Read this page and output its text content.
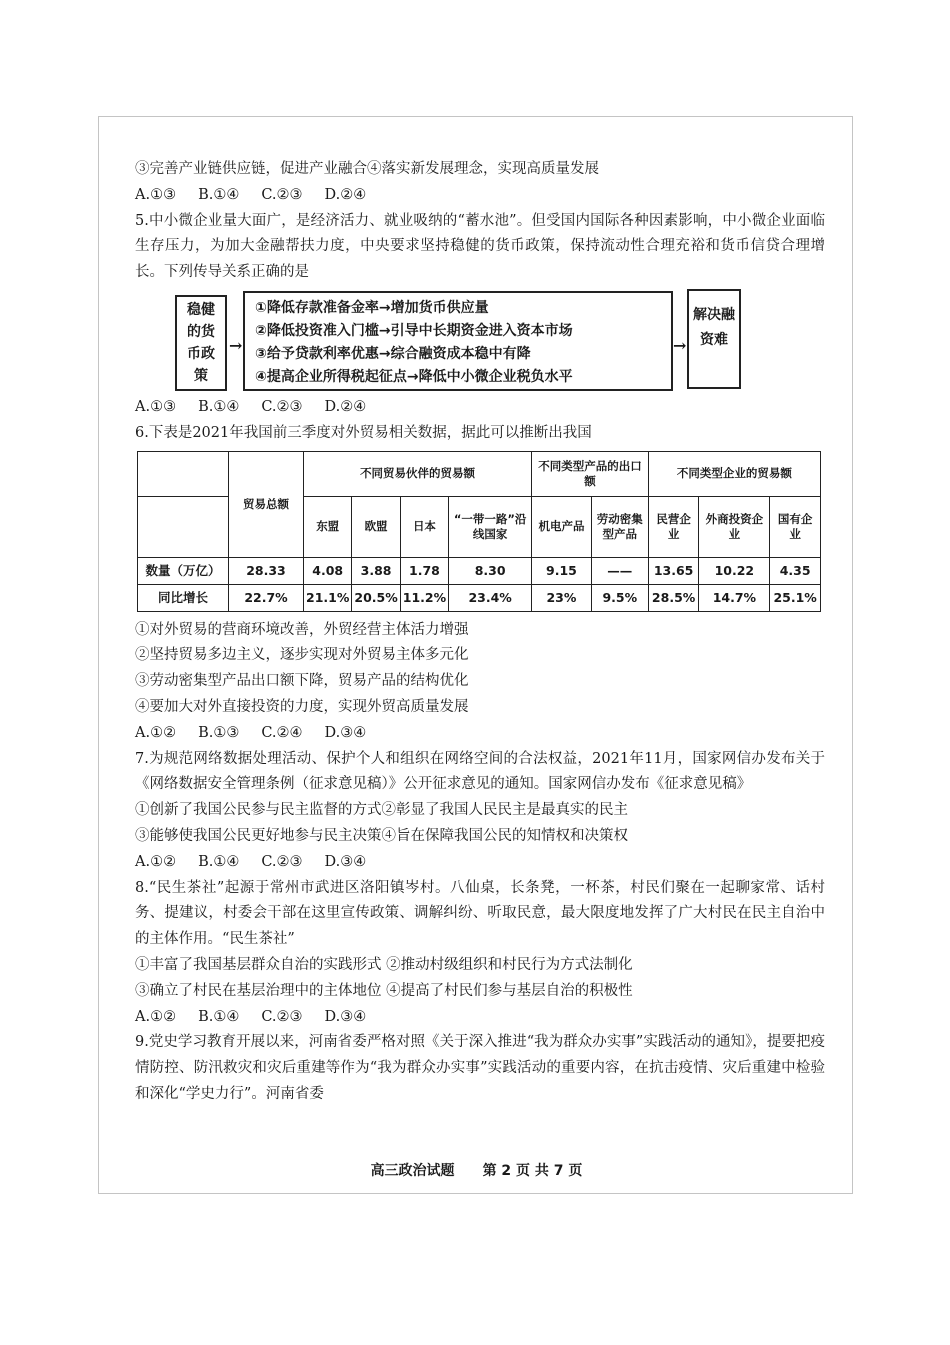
③完善产业链供应链，促进产业融合④落实新发展理念，实现高质量发展
A.①③ B.①④ C.②③ D.②④
5.中小微企业量大面广，是经济活力、就业吸纳的“蓄水池”。但受国内国际各种因素影响，中小微企业面临生存压力，为加大金融帮扶力度，中央要求坚持稳健的货币政策，保持流动性合理充裕和货币信贷合理增长。下列传导关系正确的是
稳健的货币政策
→
①降低存款准备金率→增加货币供应量
②降低投资准入门槛→引导中长期资金进入资本市场
③给予贷款利率优惠→综合融资成本稳中有降
④提高企业所得税起征点→降低中小微企业税负水平
→
解决融资难
A.①③ B.①④ C.②③ D.②④
6.下表是2021年我国前三季度对外贸易相关数据，据此可以推断出我国
	贸易总额	不同贸易伙伴的贸易额				不同类型产品的出口额		不同类型企业的贸易额		
		东盟	欧盟	日本	“一带一路”沿线国家	机电产品	劳动密集型产品	民营企业	外商投资企业	国有企业
数量（万亿）	28.33	4.08	3.88	1.78	8.30	9.15	——	13.65	10.22	4.35
同比增长	22.7%	21.1%	20.5%	11.2%	23.4%	23%	9.5%	28.5%	14.7%	25.1%
①对外贸易的营商环境改善，外贸经营主体活力增强
②坚持贸易多边主义，逐步实现对外贸易主体多元化
③劳动密集型产品出口额下降，贸易产品的结构优化
④要加大对外直接投资的力度，实现外贸高质量发展
A.①② B.①③ C.②④ D.③④
7.为规范网络数据处理活动、保护个人和组织在网络空间的合法权益，2021年11月，国家网信办发布关于《网络数据安全管理条例（征求意见稿）》公开征求意见的通知。国家网信办发布《征求意见稿》
①创新了我国公民参与民主监督的方式②彰显了我国人民民主是最真实的民主
③能够使我国公民更好地参与民主决策④旨在保障我国公民的知情权和决策权
A.①② B.①④ C.②③ D.③④
8.“民生茶社”起源于常州市武进区洛阳镇岑村。八仙桌，长条凳，一杯茶，村民们聚在一起聊家常、话村务、提建议，村委会干部在这里宣传政策、调解纠纷、听取民意，最大限度地发挥了广大村民在民主自治中的主体作用。“民生茶社”
①丰富了我国基层群众自治的实践形式 ②推动村级组织和村民行为方式法制化
③确立了村民在基层治理中的主体地位 ④提高了村民们参与基层自治的积极性
A.①② B.①④ C.②③ D.③④
9.党史学习教育开展以来，河南省委严格对照《关于深入推进“我为群众办实事”实践活动的通知》，提要把疫情防控、防汛救灾和灾后重建等作为“我为群众办实事”实践活动的重要内容，在抗击疫情、灾后重建中检验和深化“学史力行”。河南省委
高三政治试题 第 2 页 共 7 页
